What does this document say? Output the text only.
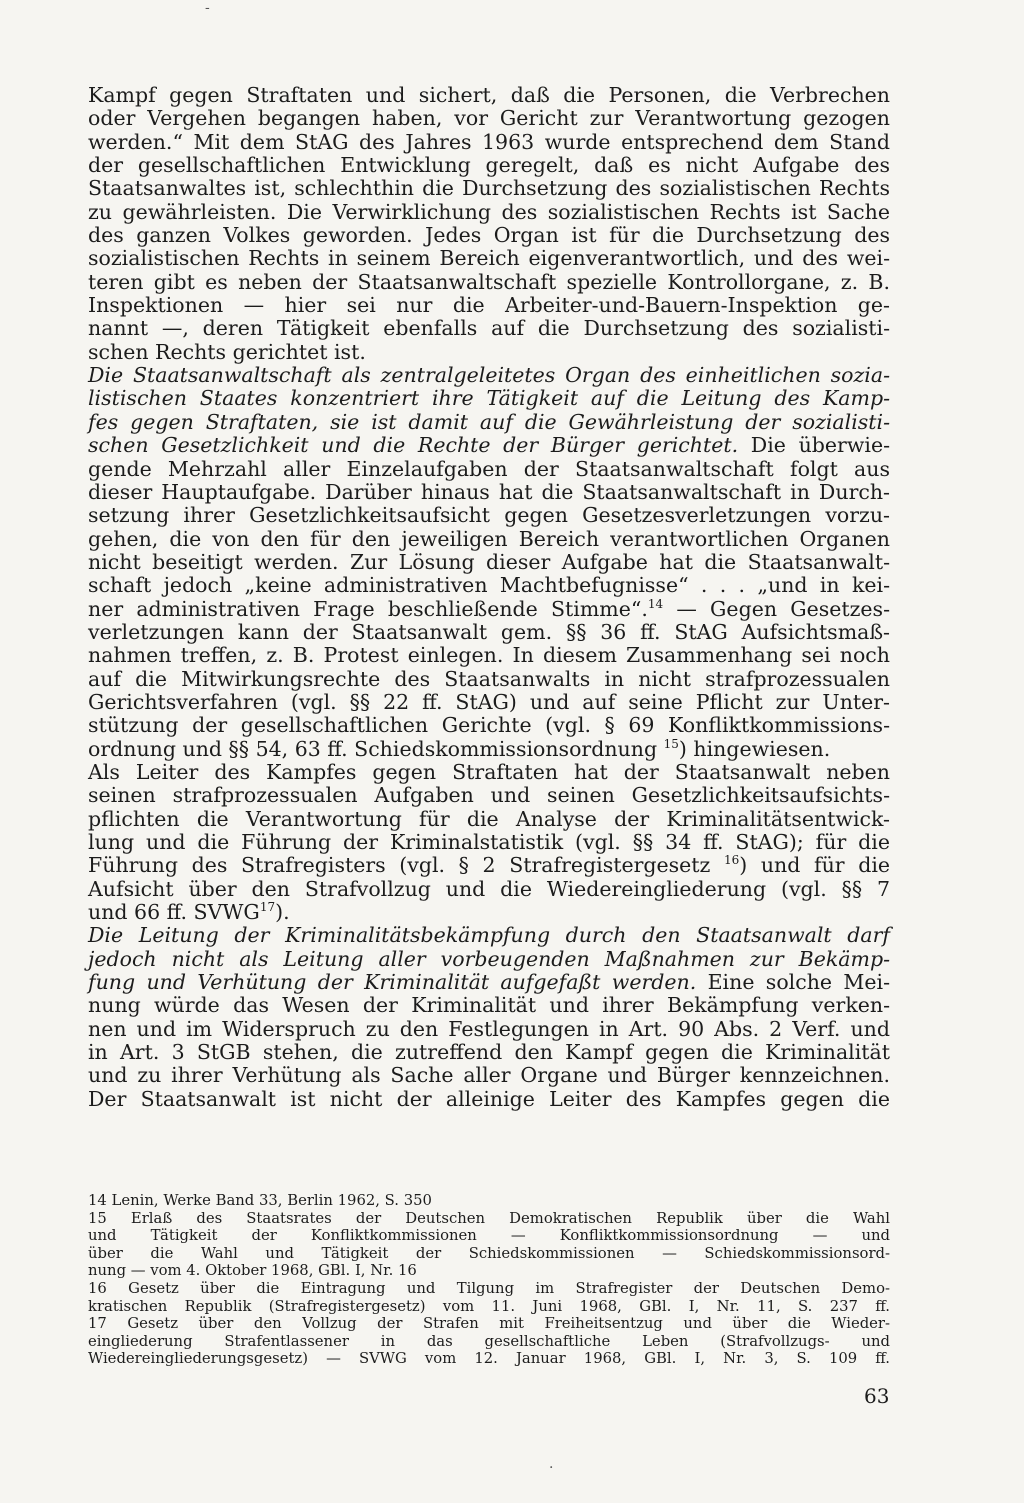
-
Kampf gegen Straftaten und sichert, daß die Personen, die Verbrechen
oder Vergehen begangen haben, vor Gericht zur Verantwortung gezogen
werden.“ Mit dem StAG des Jahres 1963 wurde entsprechend dem Stand
der gesellschaftlichen Entwicklung geregelt, daß es nicht Aufgabe des
Staatsanwaltes ist, schlechthin die Durchsetzung des sozialistischen Rechts
zu gewährleisten. Die Verwirklichung des sozialistischen Rechts ist Sache
des ganzen Volkes geworden. Jedes Organ ist für die Durchsetzung des
sozialistischen Rechts in seinem Bereich eigenverantwortlich, und des wei-
teren gibt es neben der Staatsanwaltschaft spezielle Kontrollorgane, z. B.
Inspektionen — hier sei nur die Arbeiter-und-Bauern-Inspektion ge-
nannt —, deren Tätigkeit ebenfalls auf die Durchsetzung des sozialisti-
schen Rechts gerichtet ist.
Die Staatsanwaltschaft als zentralgeleitetes Organ des einheitlichen sozia-
listischen Staates konzentriert ihre Tätigkeit auf die Leitung des Kamp-
fes gegen Straftaten, sie ist damit auf die Gewährleistung der sozialisti-
schen Gesetzlichkeit und die Rechte der Bürger gerichtet. Die überwie-
gende Mehrzahl aller Einzelaufgaben der Staatsanwaltschaft folgt aus
dieser Hauptaufgabe. Darüber hinaus hat die Staatsanwaltschaft in Durch-
setzung ihrer Gesetzlichkeitsaufsicht gegen Gesetzesverletzungen vorzu-
gehen, die von den für den jeweiligen Bereich verantwortlichen Organen
nicht beseitigt werden. Zur Lösung dieser Aufgabe hat die Staatsanwalt-
schaft jedoch „keine administrativen Machtbefugnisse“ . . . „und in kei-
ner administrativen Frage beschließende Stimme“.$^{14}$ — Gegen Gesetzes-
verletzungen kann der Staatsanwalt gem. §§ 36 ff. StAG Aufsichtsmaß-
nahmen treffen, z. B. Protest einlegen. In diesem Zusammenhang sei noch
auf die Mitwirkungsrechte des Staatsanwalts in nicht strafprozessualen
Gerichtsverfahren (vgl. §§ 22 ff. StAG) und auf seine Pflicht zur Unter-
stützung der gesellschaftlichen Gerichte (vgl. § 69 Konfliktkommissions-
ordnung und §§ 54, 63 ff. Schiedskommissionsordnung $^{15}$) hingewiesen.
Als Leiter des Kampfes gegen Straftaten hat der Staatsanwalt neben
seinen strafprozessualen Aufgaben und seinen Gesetzlichkeitsaufsichts-
pflichten die Verantwortung für die Analyse der Kriminalitätsentwick-
lung und die Führung der Kriminalstatistik (vgl. §§ 34 ff. StAG); für die
Führung des Strafregisters (vgl. § 2 Strafregistergesetz $^{16}$) und für die
Aufsicht über den Strafvollzug und die Wiedereingliederung (vgl. §§ 7
und 66 ff. SVWG$^{17}$).
Die Leitung der Kriminalitätsbekämpfung durch den Staatsanwalt darf
jedoch nicht als Leitung aller vorbeugenden Maßnahmen zur Bekämp-
fung und Verhütung der Kriminalität aufgefaßt werden. Eine solche Mei-
nung würde das Wesen der Kriminalität und ihrer Bekämpfung verken-
nen und im Widerspruch zu den Festlegungen in Art. 90 Abs. 2 Verf. und
in Art. 3 StGB stehen, die zutreffend den Kampf gegen die Kriminalität
und zu ihrer Verhütung als Sache aller Organe und Bürger kennzeichnen.
Der Staatsanwalt ist nicht der alleinige Leiter des Kampfes gegen die
14 Lenin, Werke Band 33, Berlin 1962, S. 350
15 Erlaß des Staatsrates der Deutschen Demokratischen Republik über die Wahl
und Tätigkeit der Konfliktkommissionen — Konfliktkommissionsordnung — und
über die Wahl und Tätigkeit der Schiedskommissionen — Schiedskommissionsord-
nung — vom 4. Oktober 1968, GBl. I, Nr. 16
16 Gesetz über die Eintragung und Tilgung im Strafregister der Deutschen Demo-
kratischen Republik (Strafregistergesetz) vom 11. Juni 1968, GBl. I, Nr. 11, S. 237 ff.
17 Gesetz über den Vollzug der Strafen mit Freiheitsentzug und über die Wieder-
eingliederung Strafentlassener in das gesellschaftliche Leben (Strafvollzugs- und
Wiedereingliederungsgesetz) — SVWG vom 12. Januar 1968, GBl. I, Nr. 3, S. 109 ff.
63
·
